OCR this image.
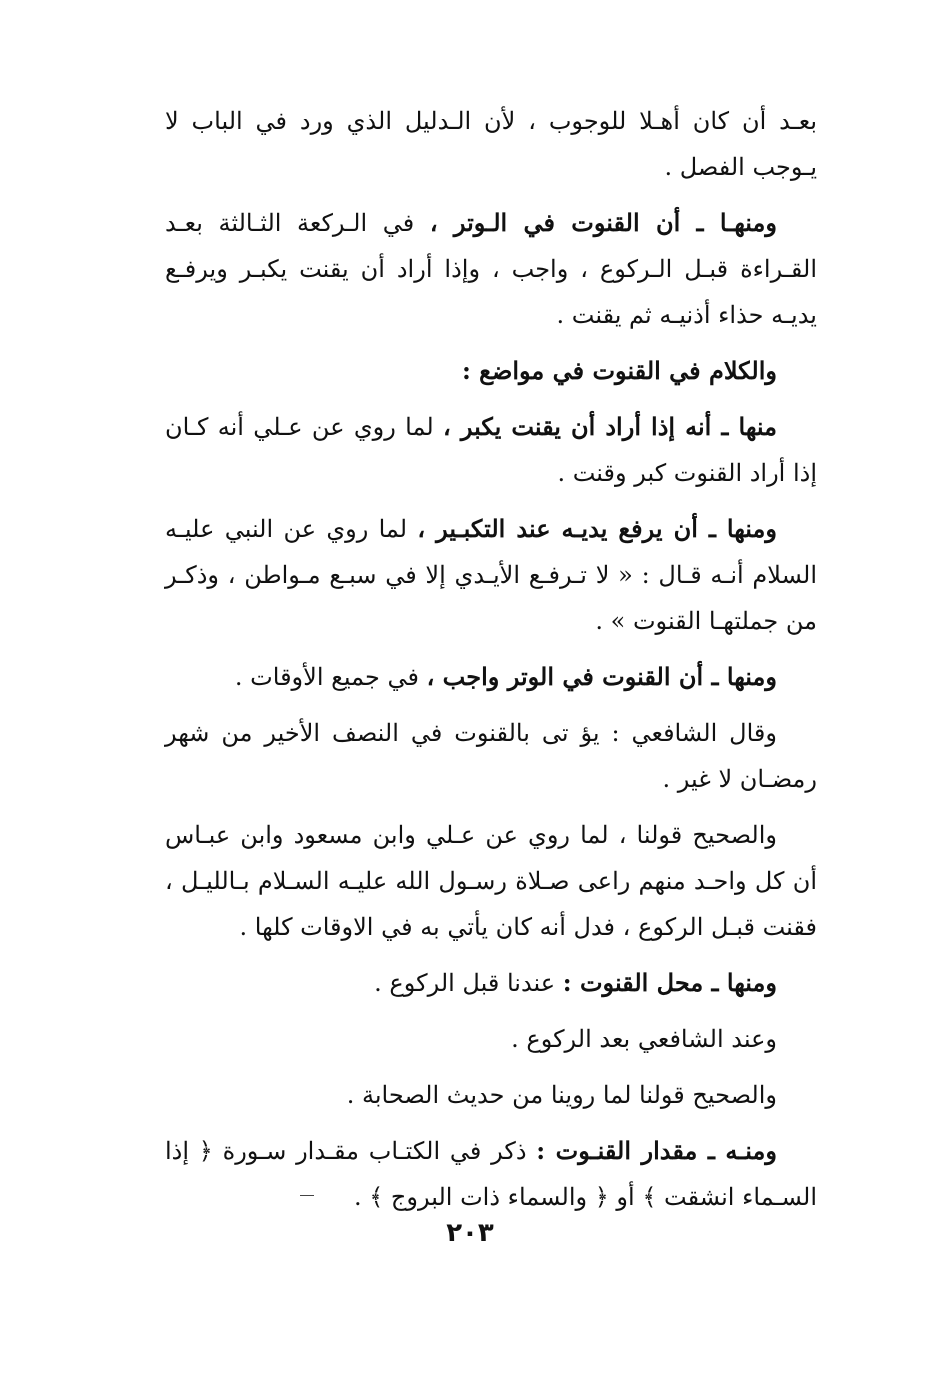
بعـد أن كان أهـلا للوجوب ، لأن الـدليل الذي ورد في الباب لا يـوجب الفصل .

ومنهـا ـ أن القنوت في الـوتر ، في الـركعة الثـالثة بعـد القـراءة قبـل الـركوع ، واجب ، وإذا أراد أن يقنت يكبـر ويرفـع يديـه حذاء أذنيـه ثم يقنت .

والكلام في القنوت في مواضع :

منها ـ أنه إذا أراد أن يقنت يكبر ، لما روي عن عـلي أنه كـان إذا أراد القنوت كبر وقنت .

ومنها ـ أن يرفع يديـه عند التكبـير ، لما روي عن النبي عليـه السلام أنـه قـال : « لا تـرفـع الأيـدي إلا في سبـع مـواطن ، وذكـر من جملتهـا القنوت » .

ومنها ـ أن القنوت في الوتر واجب ، في جميع الأوقات .

وقال الشافعي : يؤ تى بالقنوت في النصف الأخير من شهر رمضـان لا غير .

والصحيح قولنا ، لما روي عن عـلي وابن مسعود وابن عبـاس أن كل واحـد منهم راعى صـلاة رسـول الله عليـه السـلام بـالليـل ، فقنت قبـل الركوع ، فدل أنه كان يأتي به في الاوقات كلها .

ومنها ـ محل القنوت : عندنا قبل الركوع .

وعند الشافعي بعد الركوع .

والصحيح قولنا لما روينا من حديث الصحابة .

ومنـه ـ مقدار القنـوت : ذكر في الكتـاب مقـدار سـورة ﴿ إذا السـماء انشقت ﴾ أو ﴿ والسماء ذات البروج ﴾ .

٢٠٣
